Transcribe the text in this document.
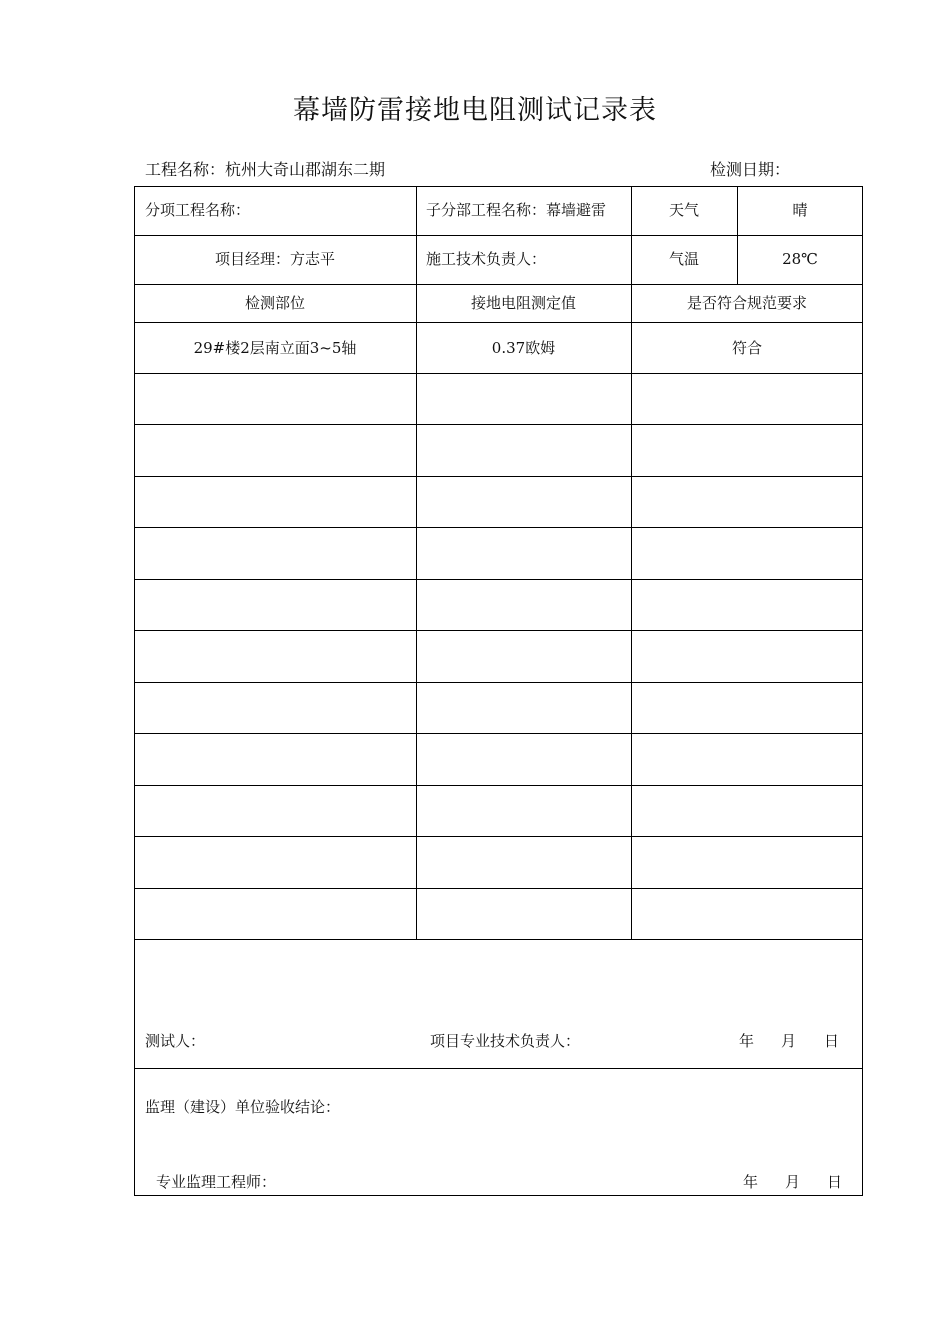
幕墙防雷接地电阻测试记录表
工程名称：杭州大奇山郡湖东二期	检测日期：
分项工程名称：	子分部工程名称：幕墙避雷	天气	晴
项目经理：方志平	施工技术负责人：	气温	28℃
检测部位	接地电阻测定值	是否符合规范要求
29#楼2层南立面3~5轴	0.37欧姆	符合
测试人：	项目专业技术负责人：	年 月 日
监理（建设）单位验收结论：
专业监理工程师：	年 月 日
